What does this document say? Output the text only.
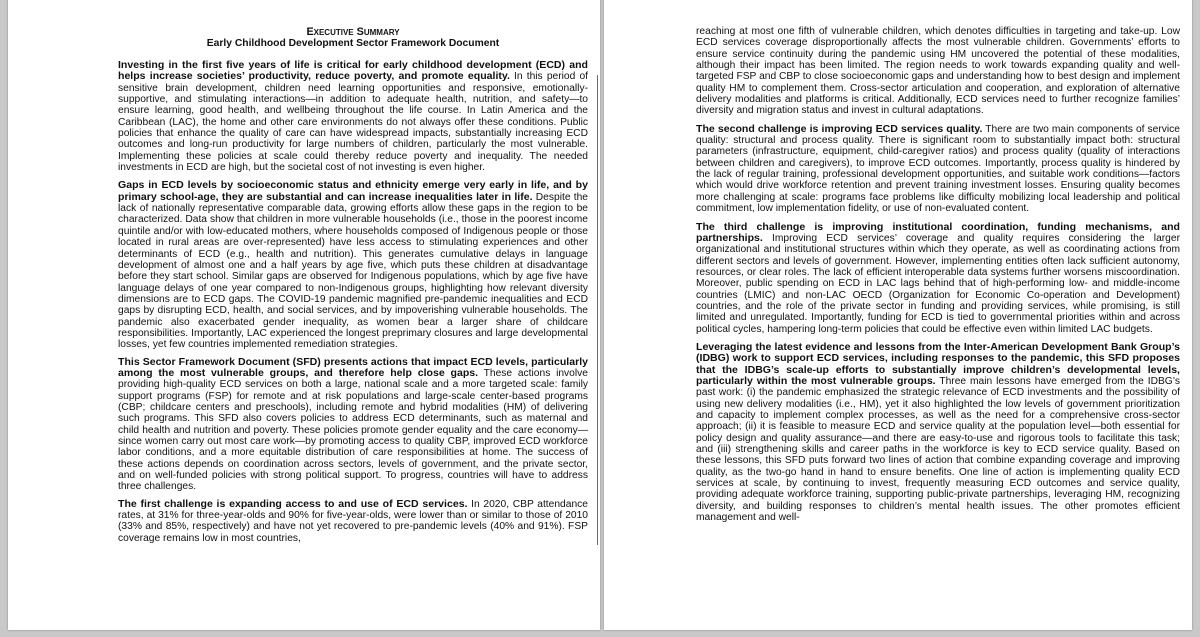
Executive Summary

Early Childhood Development Sector Framework Document

Investing in the first five years of life is critical for early childhood development (ECD) and helps increase societies’ productivity, reduce poverty, and promote equality. In this period of sensitive brain development, children need learning opportunities and responsive, emotionally-supportive, and stimulating interactions—in addition to adequate health, nutrition, and safety—to ensure learning, good health, and wellbeing throughout the life course. In Latin America and the Caribbean (LAC), the home and other care environments do not always offer these conditions. Public policies that enhance the quality of care can have widespread impacts, substantially increasing ECD outcomes and long-run productivity for large numbers of children, particularly the most vulnerable. Implementing these policies at scale could thereby reduce poverty and inequality. The needed investments in ECD are high, but the societal cost of not investing is even higher.

Gaps in ECD levels by socioeconomic status and ethnicity emerge very early in life, and by primary school-age, they are substantial and can increase inequalities later in life. Despite the lack of nationally representative comparable data, growing efforts allow these gaps in the region to be characterized. Data show that children in more vulnerable households (i.e., those in the poorest income quintile and/or with low-educated mothers, where households composed of Indigenous people or those located in rural areas are over-represented) have less access to stimulating experiences and other determinants of ECD (e.g., health and nutrition). This generates cumulative delays in language development of almost one and a half years by age five, which puts these children at disadvantage before they start school. Similar gaps are observed for Indigenous populations, which by age five have language delays of one year compared to non-Indigenous groups, highlighting how relevant diversity dimensions are to ECD gaps. The COVID-19 pandemic magnified pre-pandemic inequalities and ECD gaps by disrupting ECD, health, and social services, and by impoverishing vulnerable households. The pandemic also exacerbated gender inequality, as women bear a larger share of childcare responsibilities. Importantly, LAC experienced the longest preprimary closures and large developmental losses, yet few countries implemented remediation strategies.

This Sector Framework Document (SFD) presents actions that impact ECD levels, particularly among the most vulnerable groups, and therefore help close gaps. These actions involve providing high-quality ECD services on both a large, national scale and a more targeted scale: family support programs (FSP) for remote and at risk populations and large-scale center-based programs (CBP; childcare centers and preschools), including remote and hybrid modalities (HM) of delivering such programs. This SFD also covers policies to address ECD determinants, such as maternal and child health and nutrition and poverty. These policies promote gender equality and the care economy—since women carry out most care work—by promoting access to quality CBP, improved ECD workforce labor conditions, and a more equitable distribution of care responsibilities at home. The success of these actions depends on coordination across sectors, levels of government, and the private sector, and on well-funded policies with strong political support. To progress, countries will have to address three challenges.

The first challenge is expanding access to and use of ECD services. In 2020, CBP attendance rates, at 31% for three-year-olds and 90% for five-year-olds, were lower than or similar to those of 2010 (33% and 85%, respectively) and have not yet recovered to pre-pandemic levels (40% and 91%). FSP coverage remains low in most countries,

reaching at most one fifth of vulnerable children, which denotes difficulties in targeting and take-up. Low ECD services coverage disproportionally affects the most vulnerable children. Governments’ efforts to ensure service continuity during the pandemic using HM uncovered the potential of these modalities, although their impact has been limited. The region needs to work towards expanding quality and well-targeted FSP and CBP to close socioeconomic gaps and understanding how to best design and implement quality HM to complement them. Cross-sector articulation and cooperation, and exploration of alternative delivery modalities and platforms is critical. Additionally, ECD services need to further recognize families’ diversity and migration status and invest in cultural adaptations.

The second challenge is improving ECD services quality. There are two main components of service quality: structural and process quality. There is significant room to substantially impact both: structural parameters (infrastructure, equipment, child-caregiver ratios) and process quality (quality of interactions between children and caregivers), to improve ECD outcomes. Importantly, process quality is hindered by the lack of regular training, professional development opportunities, and suitable work conditions—factors which would drive workforce retention and prevent training investment losses. Ensuring quality becomes more challenging at scale: programs face problems like difficulty mobilizing local leadership and political commitment, low implementation fidelity, or use of non-evaluated content.

The third challenge is improving institutional coordination, funding mechanisms, and partnerships. Improving ECD services’ coverage and quality requires considering the larger organizational and institutional structures within which they operate, as well as coordinating actions from different sectors and levels of government. However, implementing entities often lack sufficient autonomy, resources, or clear roles. The lack of efficient interoperable data systems further worsens miscoordination. Moreover, public spending on ECD in LAC lags behind that of high-performing low- and middle-income countries (LMIC) and non-LAC OECD (Organization for Economic Co-operation and Development) countries, and the role of the private sector in funding and providing services, while promising, is still limited and unregulated. Importantly, funding for ECD is tied to governmental priorities within and across political cycles, hampering long-term policies that could be effective even within limited LAC budgets.

Leveraging the latest evidence and lessons from the Inter-American Development Bank Group’s (IDBG) work to support ECD services, including responses to the pandemic, this SFD proposes that the IDBG’s scale-up efforts to substantially improve children’s developmental levels, particularly within the most vulnerable groups. Three main lessons have emerged from the IDBG’s past work: (i) the pandemic emphasized the strategic relevance of ECD investments and the possibility of using new delivery modalities (i.e., HM), yet it also highlighted the low levels of government prioritization and capacity to implement complex processes, as well as the need for a comprehensive cross-sector approach; (ii) it is feasible to measure ECD and service quality at the population level—both essential for policy design and quality assurance—and there are easy-to-use and rigorous tools to facilitate this task; and (iii) strengthening skills and career paths in the workforce is key to ECD service quality. Based on these lessons, this SFD puts forward two lines of action that combine expanding coverage and improving quality, as the two-go hand in hand to ensure benefits. One line of action is implementing quality ECD services at scale, by continuing to invest, frequently measuring ECD outcomes and service quality, providing adequate workforce training, supporting public-private partnerships, leveraging HM, recognizing diversity, and building responses to children’s mental health issues. The other promotes efficient management and well-
